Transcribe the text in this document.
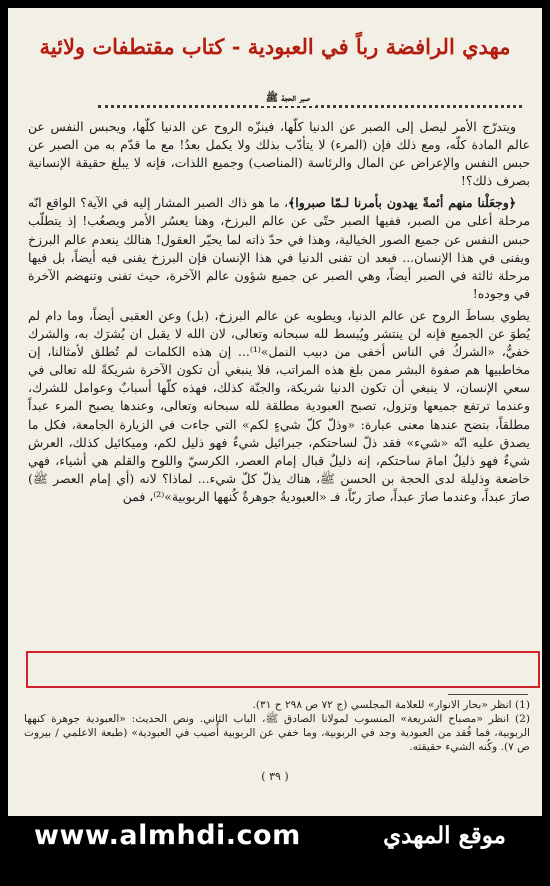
مهدي الرافضة رباً في العبودية - كتاب مقتطفات ولائية
صبر الحجة ﷺ

ويتدرّج الأمر ليصل إلى الصبر عن الدنيا كلّها، فينزّه الروح عن الدنيا كلّها، ويحبس النفس عن عالم المادة كلّه، ومع ذلك فإن (المرء) لا يتأدّب بذلك ولا يكمل بعدُ! مع ما قدّم به من الصبر عن حبس النفس والإعراض عن المال والرئاسة (المناصب) وجميع اللذات، فإنه لا يبلغ حقيقة الإنسانية بصرف ذلك؟!

﴿وجعَلْنا منهم أئمةً يهدون بأمرنا لـمّا صبروا﴾، ما هو ذاك الصبر المشار إليه في الآية؟ الواقع انّه مرحلة أعلى من الصبر، ففيها الصبر حتّى عن عالم البرزخ، وهنا يعسُر الأمر ويصعُب! إذ يتطلّب حبس النفس عن جميع الصور الخيالية، وهذا في حدّ ذاته لما يحيّر العقول! هنالك ينعدم عالم البرزخ ويفنى في هذا الإنسان... فبعد ان تفنى الدنيا في هذا الإنسان فإن البرزخ يفنى فيه أيضاً، بل فيها مرحلة ثالثة في الصبر أيضاً، وهي الصبر عن جميع شؤون عالم الآخرة، حيث تفنى وتنهضم الآخرة في وجوده!

يطوي بساطَ الروح عن عالم الدنيا، ويطويه عن عالم البرزخ، (بل) وعن العقبى أيضاً، وما دام لم يُطوَ عن الجميع فإنه لن ينتشر ويُبسط لله سبحانه وتعالى، لان الله لا يقبل ان يُشرَك به، والشرك خفيٌّ، «الشركُ في الناس أخفى من دبيب النمل»⁽¹⁾... إن هذه الكلمات لم تُطلق لأمثالنا، إن مخاطبيها هم صفوة البشر ممن بلغ هذه المراتب، فلا ينبغي أن تكون الآخرة شريكةً لله تعالى في سعي الإنسان، لا ينبغي أن تكون الدنيا شريكة، والجنّة كذلك، فهذه كلّها أسبابٌ وعوامل للشرك، وعندما ترتفع جميعها وتزول، تصبح العبودية مطلقة لله سبحانه وتعالى، وعندها يصبح المرء عبداً مطلقاً، بتضح عندها معنى عبارة: «وذلّ كلّ شيءٍ لكم» التي جاءت في الزيارة الجامعة، فكل ما يصدق عليه انّه «شيء» فقد ذلّ لساحتكم، جبرائيل شيءٌ فهو ذليل لكم، وميكائيل كذلك، العرش شيءٌ فهو ذليلٌ امامَ ساحتكم، إنه ذليلٌ قبال إمام العصر، الكرسيّ واللوح والقلم هي أشياء، فهي خاضعة وذليلة لدى الحجة بن الحسن ﷺ، هناك يذلّ كلّ شيء... لماذا؟ لانه (أي إمام العصر ﷺ) صارَ عبداً، وعندما صارَ عبداً، صارَ ربّاً، فـ «العبوديةُ جوهرةٌ كُنهها الربوبية»⁽²⁾، فمن

(1) انظر «بحار الانوار» للعلامة المجلسي (ج ٧٢ ص ٢٩٨ ح ٣١).

(2) انظر «مصباح الشريعة» المنسوب لمولانا الصادق ﷺ، الباب الثاني. ونص الحديث: «العبودية جوهرة كنهها الربوبية، فما فُقد من العبودية وجد في الربوبية، وما خفي عن الربوبية أُصيب في العبودية» (طبعة الاعلمي / بيروت ص ٧). وكُنه الشيء حقيقته.

( ٣٩ )
www.almhdi.com	موقع المهدي
